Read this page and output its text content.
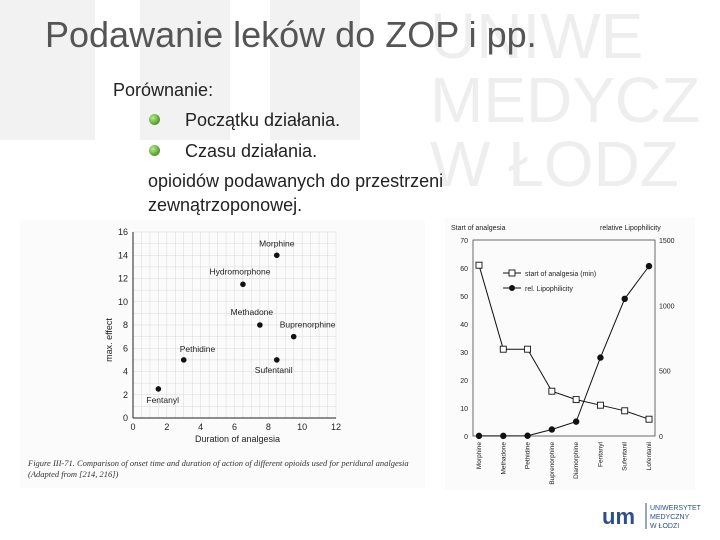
UNIWE
MEDYCZ
W ŁODZ
Podawanie leków do ZOP i pp.
Porównanie:
Początku działania.
Czasu działania.
opioidów podawanych do przestrzeni
zewnątrzoponowej.
0	2	4	6	8	10	12
0
2
4
6
8
10
12
14
16
Fentanyl
Pethidine
Methadone
Hydromorphone
Morphine
Buprenorphine
Sufentanil
Duration of analgesia
max. effect
Figure III-71. Comparison of onset time and duration of action of different opioids used for peridural analgesia (Adapted from [214, 216])
Start of analgesia	relative Lipophilicity
0
10
20
30
40
50
60
70
0
500
1000
1500
Morphine	Methadone	Pethidine	Buprenorphine	Diamorphine	Fentanyl	Sufentanil	Lofentanil
start of analgesia (min)
rel. Lipophilicity
um UNIWERSYTET
MEDYCZNY
W ŁODZI
